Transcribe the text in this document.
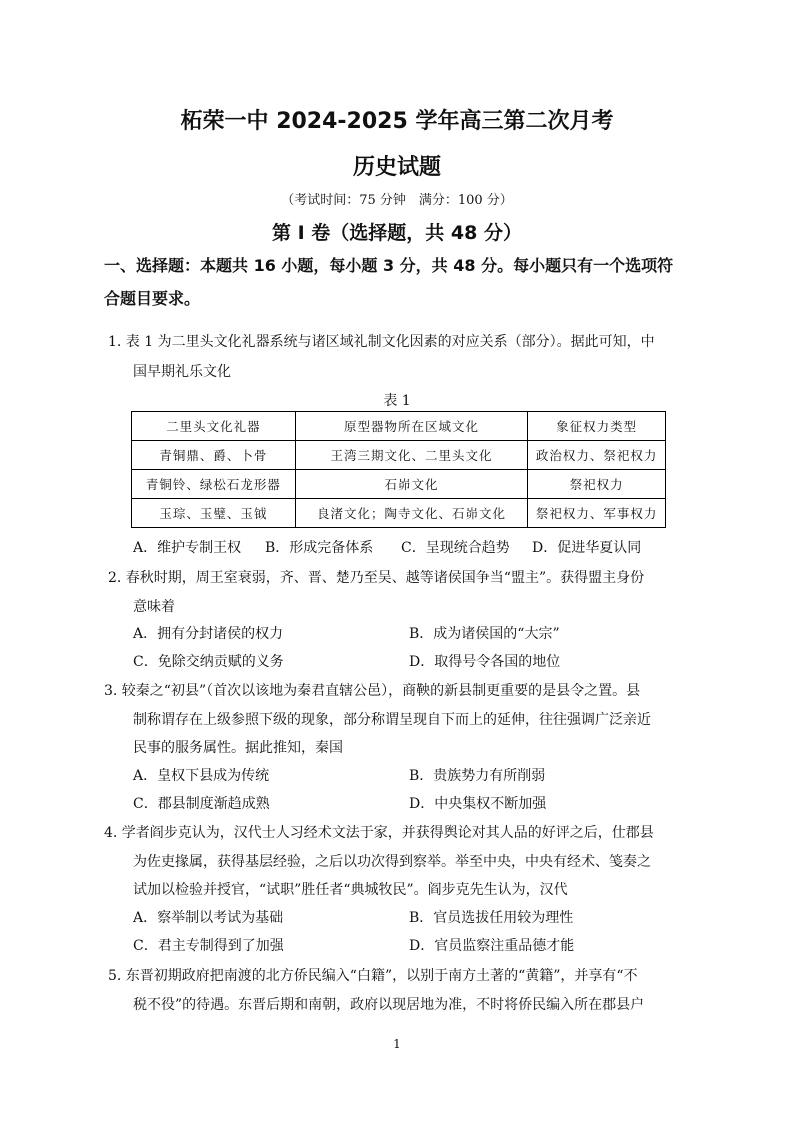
柘荣一中 2024-2025 学年高三第二次月考
历史试题
（考试时间：75 分钟　满分：100 分）
第 I 卷（选择题，共 48 分）
一、选择题：本题共 16 小题，每小题 3 分，共 48 分。每小题只有一个选项符
合题目要求。
1. 表 1 为二里头文化礼器系统与诸区域礼制文化因素的对应关系（部分）。据此可知，中
国早期礼乐文化
表 1
二里头文化礼器	原型器物所在区域文化	象征权力类型
青铜鼎、爵、卜骨	王湾三期文化、二里头文化	政治权力、祭祀权力
青铜铃、绿松石龙形器	石峁文化	祭祀权力
玉琮、玉璧、玉钺	良渚文化；陶寺文化、石峁文化	祭祀权力、军事权力
A．维护专制王权 B．形成完备体系 C．呈现统合趋势 D．促进华夏认同
2. 春秋时期，周王室衰弱，齐、晋、楚乃至吴、越等诸侯国争当“盟主”。获得盟主身份
意味着
A．拥有分封诸侯的权力	B．成为诸侯国的“大宗”
C．免除交纳贡赋的义务	D．取得号令各国的地位
3. 较秦之“初县”（首次以该地为秦君直辖公邑），商鞅的新县制更重要的是县令之置。县
制称谓存在上级参照下级的现象，部分称谓呈现自下而上的延伸，往往强调广泛亲近
民事的服务属性。据此推知，秦国
A．皇权下县成为传统	B．贵族势力有所削弱
C．郡县制度渐趋成熟	D．中央集权不断加强
4. 学者阎步克认为，汉代士人习经术文法于家，并获得舆论对其人品的好评之后，仕郡县
为佐吏掾属，获得基层经验，之后以功次得到察举。举至中央，中央有经术、笺奏之
试加以检验并授官，“试职”胜任者“典城牧民”。阎步克先生认为，汉代
A．察举制以考试为基础	B．官员选拔任用较为理性
C．君主专制得到了加强	D．官员监察注重品德才能
5. 东晋初期政府把南渡的北方侨民编入“白籍”，以别于南方土著的“黄籍”，并享有“不
税不役”的待遇。东晋后期和南朝，政府以现居地为准，不时将侨民编入所在郡县户
1
